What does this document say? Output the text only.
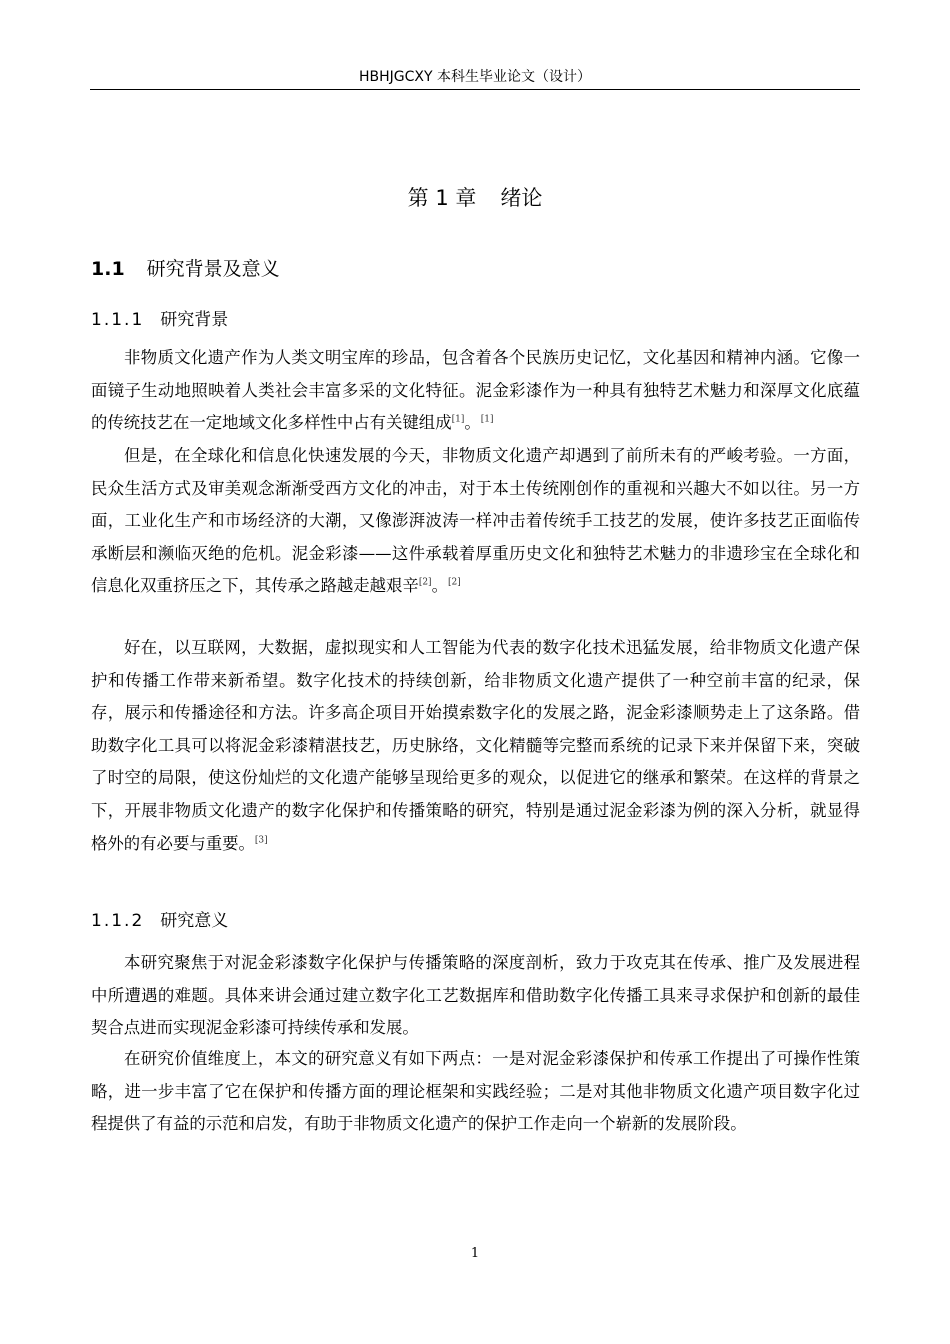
HBHJGCXY 本科生毕业论文（设计）
第 1 章 绪论
1.1 研究背景及意义
1.1.1 研究背景

非物质文化遗产作为人类文明宝库的珍品，包含着各个民族历史记忆，文化基因和精神内涵。它像一面镜子生动地照映着人类社会丰富多采的文化特征。泥金彩漆作为一种具有独特艺术魅力和深厚文化底蕴的传统技艺在一定地域文化多样性中占有关键组成[1]。[1]

但是，在全球化和信息化快速发展的今天，非物质文化遗产却遇到了前所未有的严峻考验。一方面，民众生活方式及审美观念渐渐受西方文化的冲击，对于本土传统刚创作的重视和兴趣大不如以往。另一方面，工业化生产和市场经济的大潮，又像澎湃波涛一样冲击着传统手工技艺的发展，使许多技艺正面临传承断层和濒临灭绝的危机。泥金彩漆——这件承载着厚重历史文化和独特艺术魅力的非遗珍宝在全球化和信息化双重挤压之下，其传承之路越走越艰辛[2]。[2]

好在，以互联网，大数据，虚拟现实和人工智能为代表的数字化技术迅猛发展，给非物质文化遗产保护和传播工作带来新希望。数字化技术的持续创新，给非物质文化遗产提供了一种空前丰富的纪录，保存，展示和传播途径和方法。许多高企项目开始摸索数字化的发展之路，泥金彩漆顺势走上了这条路。借助数字化工具可以将泥金彩漆精湛技艺，历史脉络，文化精髓等完整而系统的记录下来并保留下来，突破了时空的局限，使这份灿烂的文化遗产能够呈现给更多的观众，以促进它的继承和繁荣。在这样的背景之下，开展非物质文化遗产的数字化保护和传播策略的研究，特别是通过泥金彩漆为例的深入分析，就显得格外的有必要与重要。[3]

1.1.2 研究意义

本研究聚焦于对泥金彩漆数字化保护与传播策略的深度剖析，致力于攻克其在传承、推广及发展进程中所遭遇的难题。具体来讲会通过建立数字化工艺数据库和借助数字化传播工具来寻求保护和创新的最佳契合点进而实现泥金彩漆可持续传承和发展。

在研究价值维度上，本文的研究意义有如下两点：一是对泥金彩漆保护和传承工作提出了可操作性策略，进一步丰富了它在保护和传播方面的理论框架和实践经验；二是对其他非物质文化遗产项目数字化过程提供了有益的示范和启发，有助于非物质文化遗产的保护工作走向一个崭新的发展阶段。

1
